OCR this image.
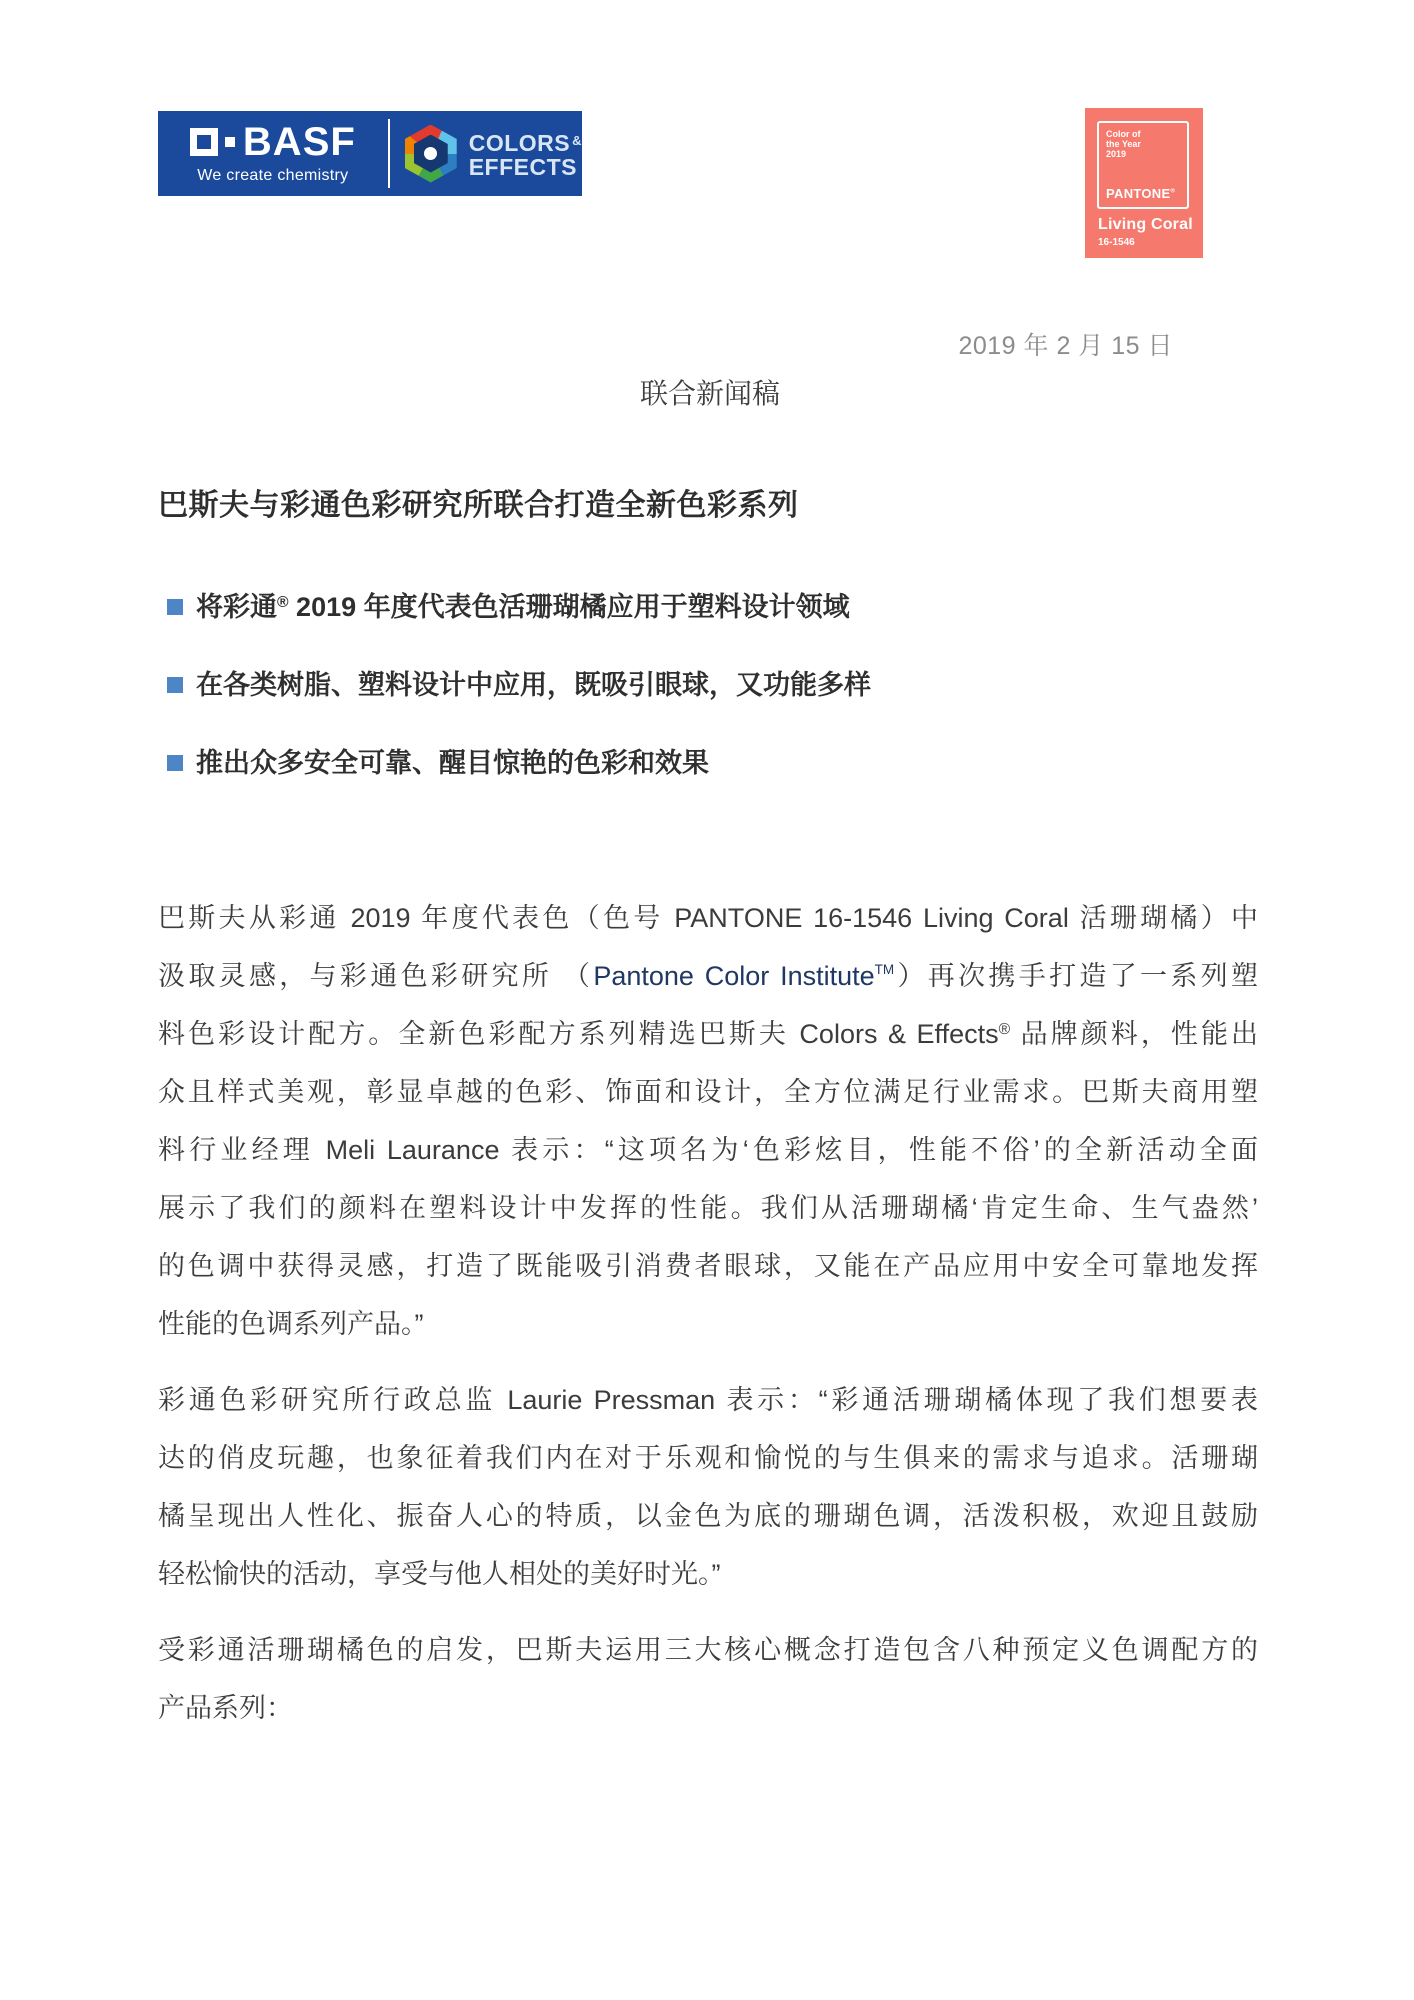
BASF
We create chemistry
COLORS &
EFFECTS
Color of
the Year
2019
PANTONE®
Living Coral
16-1546
2019 年 2 月 15 日
联合新闻稿
巴斯夫与彩通色彩研究所联合打造全新色彩系列
将彩通® 2019 年度代表色活珊瑚橘应用于塑料设计领域
在各类树脂、塑料设计中应用，既吸引眼球，又功能多样
推出众多安全可靠、醒目惊艳的色彩和效果
巴斯夫从彩通 2019 年度代表色（色号 PANTONE 16-1546 Living Coral 活珊瑚橘）中
汲取灵感，与彩通色彩研究所 （Pantone Color Institute™）再次携手打造了一系列塑
料色彩设计配方。全新色彩配方系列精选巴斯夫 Colors & Effects® 品牌颜料，性能出
众且样式美观，彰显卓越的色彩、饰面和设计，全方位满足行业需求。巴斯夫商用塑
料行业经理 Meli Laurance 表示：“这项名为‘色彩炫目，性能不俗’的全新活动全面
展示了我们的颜料在塑料设计中发挥的性能。我们从活珊瑚橘‘肯定生命、生气盎然’
的色调中获得灵感，打造了既能吸引消费者眼球，又能在产品应用中安全可靠地发挥
性能的色调系列产品。”
彩通色彩研究所行政总监 Laurie Pressman 表示：“彩通活珊瑚橘体现了我们想要表
达的俏皮玩趣，也象征着我们内在对于乐观和愉悦的与生俱来的需求与追求。活珊瑚
橘呈现出人性化、振奋人心的特质，以金色为底的珊瑚色调，活泼积极，欢迎且鼓励
轻松愉快的活动，享受与他人相处的美好时光。”
受彩通活珊瑚橘色的启发，巴斯夫运用三大核心概念打造包含八种预定义色调配方的
产品系列：
